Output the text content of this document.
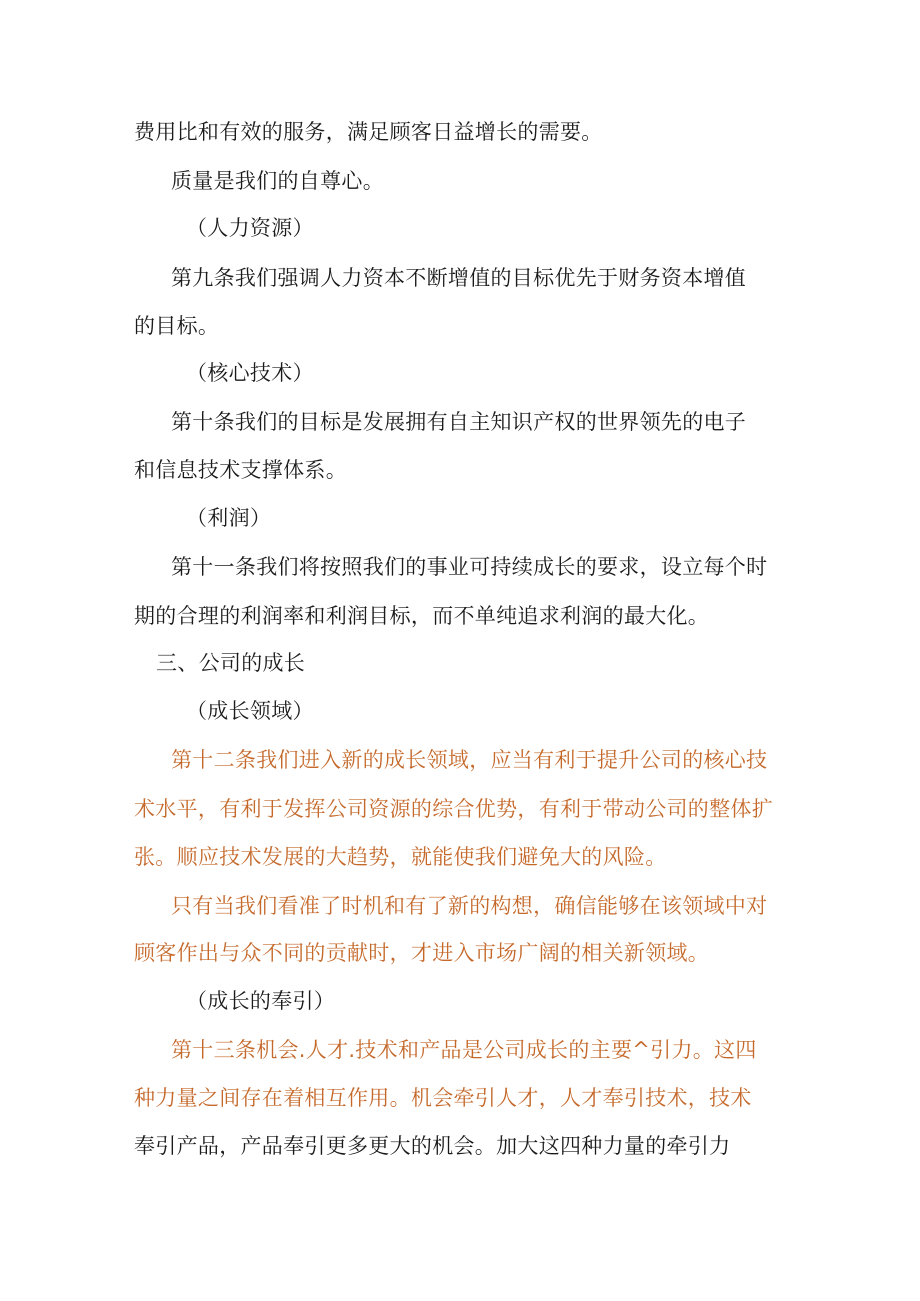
费用比和有效的服务，满足顾客日益增长的需要。
质量是我们的自尊心。
（人力资源）
第九条我们强调人力资本不断增值的目标优先于财务资本增值
的目标。
（核心技术）
第十条我们的目标是发展拥有自主知识产权的世界领先的电子
和信息技术支撑体系。
（利润）
第十一条我们将按照我们的事业可持续成长的要求，设立每个时
期的合理的利润率和利润目标，而不单纯追求利润的最大化。
三、公司的成长
（成长领域）
第十二条我们进入新的成长领域，应当有利于提升公司的核心技
术水平，有利于发挥公司资源的综合优势，有利于带动公司的整体扩
张。顺应技术发展的大趋势，就能使我们避免大的风险。
只有当我们看准了时机和有了新的构想，确信能够在该领域中对
顾客作出与众不同的贡献时，才进入市场广阔的相关新领域。
（成长的奉引）
第十三条机会.人才.技术和产品是公司成长的主要^引力。这四
种力量之间存在着相互作用。机会牵引人才，人才奉引技术，技术
奉引产品，产品奉引更多更大的机会。加大这四种力量的牵引力
